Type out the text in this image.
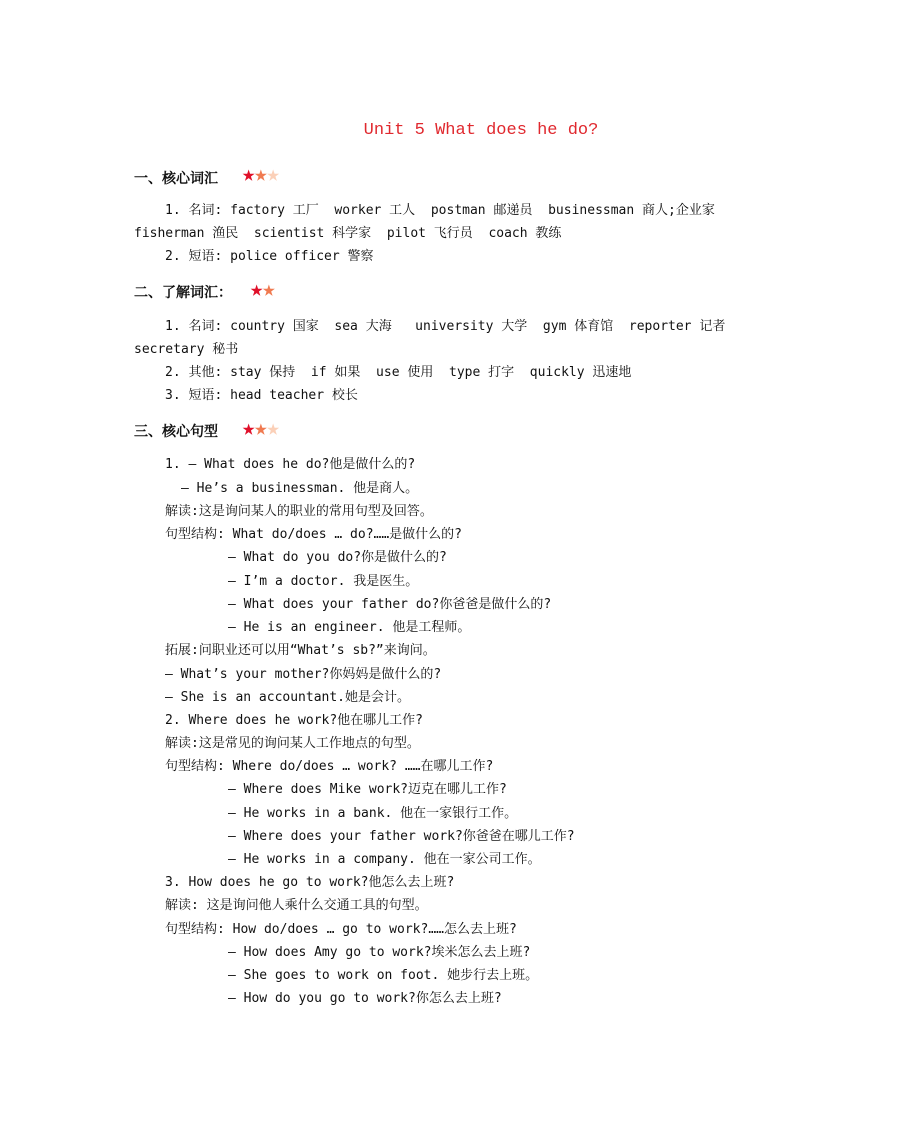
Unit 5 What does he do?
一、核心词汇 ★★★
1. 名词: factory 工厂  worker 工人  postman 邮递员  businessman 商人;企业家
fisherman 渔民  scientist 科学家  pilot 飞行员  coach 教练
2. 短语: police officer 警察
二、了解词汇： ★★
1. 名词: country 国家  sea 大海   university 大学  gym 体育馆  reporter 记者
secretary 秘书
2. 其他: stay 保持  if 如果  use 使用  type 打字  quickly 迅速地
3. 短语: head teacher 校长
三、核心句型 ★★★
1. — What does he do?他是做什么的?
— He’s a businessman. 他是商人。
解读:这是询问某人的职业的常用句型及回答。
句型结构: What do/does … do?……是做什么的?
— What do you do?你是做什么的?
— I’m a doctor. 我是医生。
— What does your father do?你爸爸是做什么的?
— He is an engineer. 他是工程师。
拓展:问职业还可以用“What’s sb?”来询问。
— What’s your mother?你妈妈是做什么的?
— She is an accountant.她是会计。
2. Where does he work?他在哪儿工作?
解读:这是常见的询问某人工作地点的句型。
句型结构: Where do/does … work? ……在哪儿工作?
— Where does Mike work?迈克在哪儿工作?
— He works in a bank. 他在一家银行工作。
— Where does your father work?你爸爸在哪儿工作?
— He works in a company. 他在一家公司工作。
3. How does he go to work?他怎么去上班?
解读: 这是询问他人乘什么交通工具的句型。
句型结构: How do/does … go to work?……怎么去上班?
— How does Amy go to work?埃米怎么去上班?
— She goes to work on foot. 她步行去上班。
— How do you go to work?你怎么去上班?
